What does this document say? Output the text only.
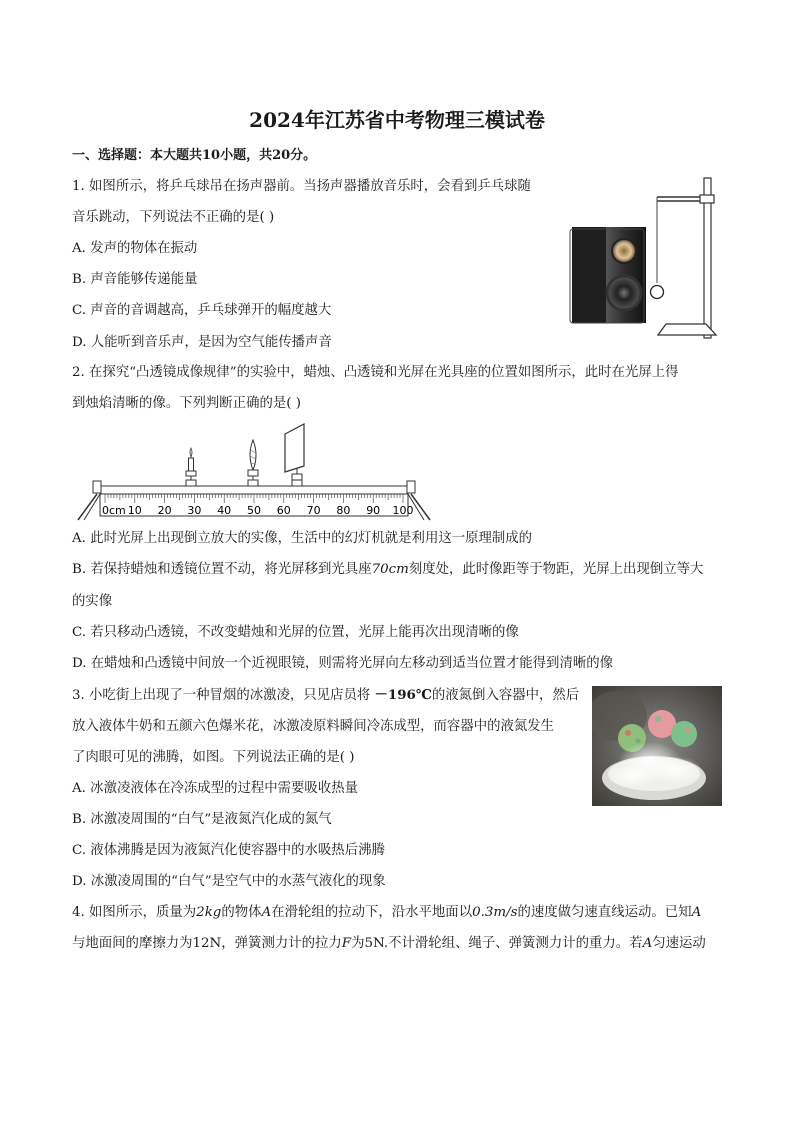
2024年江苏省中考物理三模试卷
一、选择题：本大题共10小题，共20分。
1. 如图所示，将乒乓球吊在扬声器前。当扬声器播放音乐时，会看到乒乓球随
音乐跳动，下列说法不正确的是( )
A. 发声的物体在振动
B. 声音能够传递能量
C. 声音的音调越高，乒乓球弹开的幅度越大
D. 人能听到音乐声，是因为空气能传播声音
2. 在探究“凸透镜成像规律”的实验中，蜡烛、凸透镜和光屏在光具座的位置如图所示，此时在光屏上得
到烛焰清晰的像。下列判断正确的是( )
0cm 10 20 30 40 50 60 70 80 90 100
A. 此时光屏上出现倒立放大的实像，生活中的幻灯机就是利用这一原理制成的
B. 若保持蜡烛和透镜位置不动，将光屏移到光具座70cm刻度处，此时像距等于物距，光屏上出现倒立等大
的实像
C. 若只移动凸透镜，不改变蜡烛和光屏的位置，光屏上能再次出现清晰的像
D. 在蜡烛和凸透镜中间放一个近视眼镜，则需将光屏向左移动到适当位置才能得到清晰的像
3. 小吃街上出现了一种冒烟的冰激凌，只见店员将 －196℃的液氮倒入容器中，然后
放入液体牛奶和五颜六色爆米花，冰激凌原料瞬间冷冻成型，而容器中的液氮发生
了肉眼可见的沸腾，如图。下列说法正确的是( )
A. 冰激凌液体在冷冻成型的过程中需要吸收热量
B. 冰激凌周围的“白气”是液氮汽化成的氮气
C. 液体沸腾是因为液氮汽化使容器中的水吸热后沸腾
D. 冰激凌周围的“白气”是空气中的水蒸气液化的现象
4. 如图所示，质量为2kg的物体A在滑轮组的拉动下，沿水平地面以0.3m/s的速度做匀速直线运动。已知A
与地面间的摩擦力为12N，弹簧测力计的拉力F为5N.不计滑轮组、绳子、弹簧测力计的重力。若A匀速运动
